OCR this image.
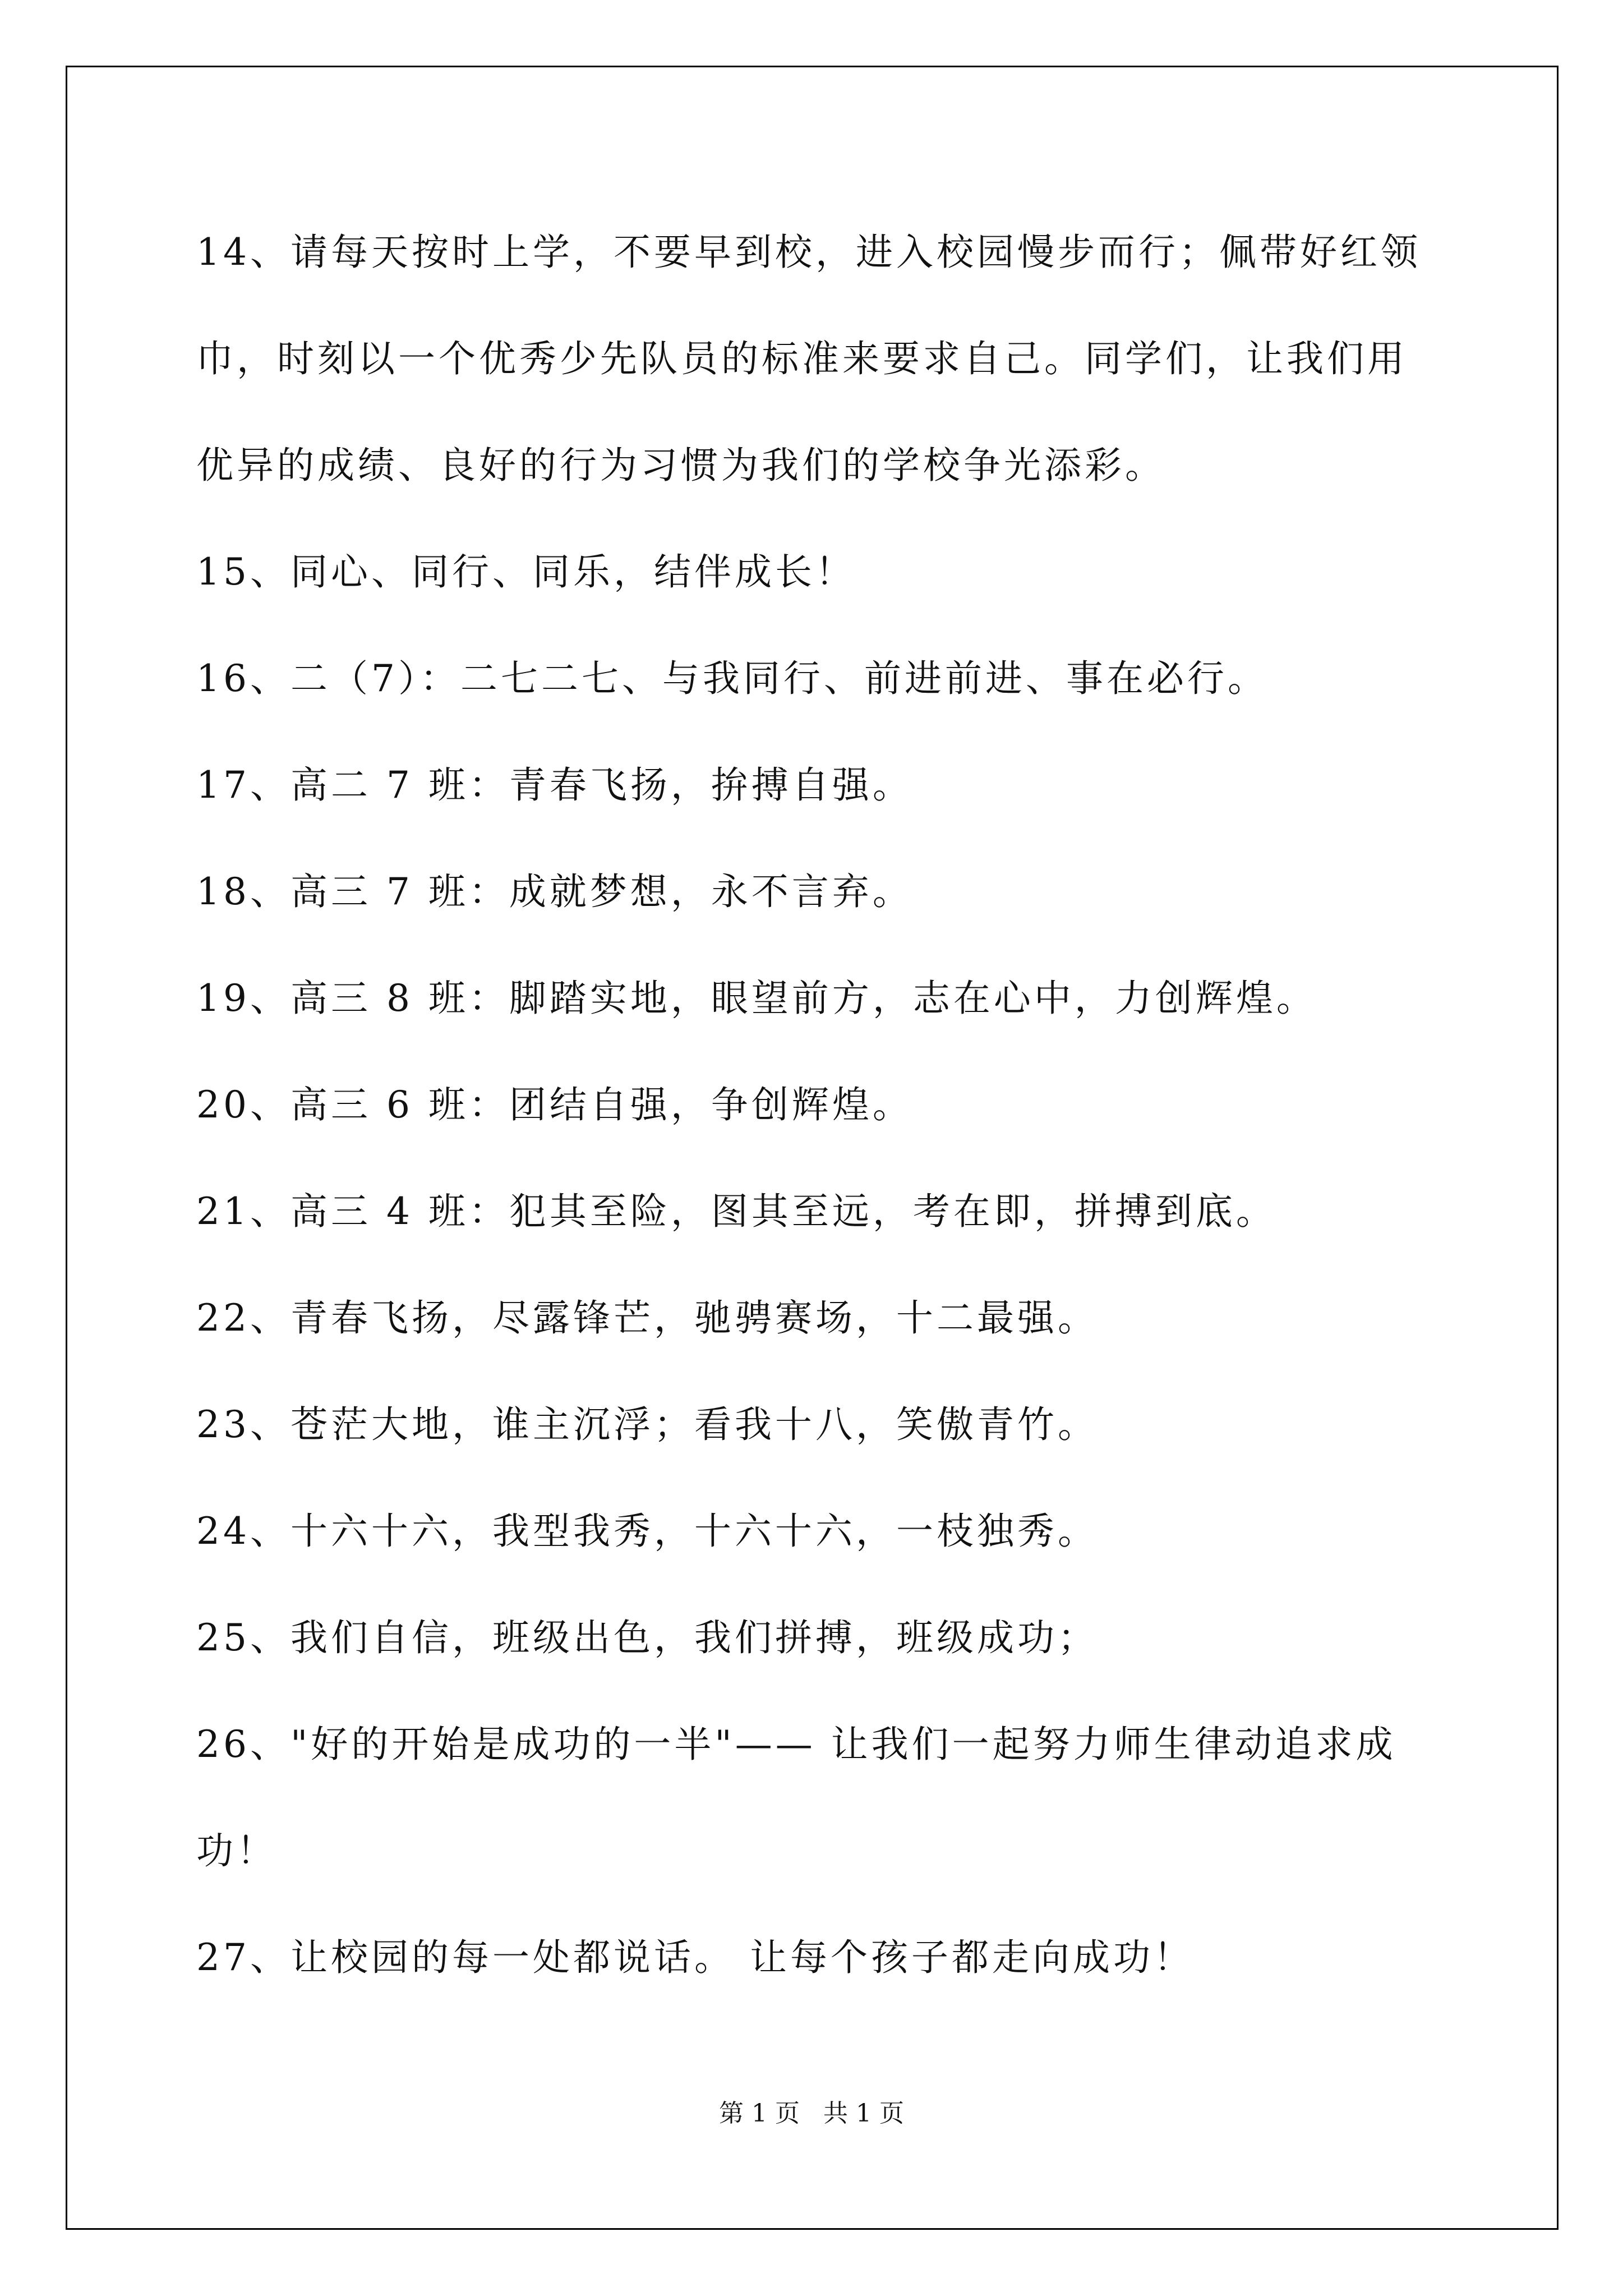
14、请每天按时上学，不要早到校，进入校园慢步而行；佩带好红领
巾，时刻以一个优秀少先队员的标准来要求自己。同学们，让我们用
优异的成绩、良好的行为习惯为我们的学校争光添彩。
15、同心、同行、同乐，结伴成长！
16、二（7）：二七二七、与我同行、前进前进、事在必行。
17、高二 7 班：青春飞扬，拚搏自强。
18、高三 7 班：成就梦想，永不言弃。
19、高三 8 班：脚踏实地，眼望前方，志在心中，力创辉煌。
20、高三 6 班：团结自强，争创辉煌。
21、高三 4 班：犯其至险，图其至远，考在即，拼搏到底。
22、青春飞扬，尽露锋芒，驰骋赛场，十二最强。
23、苍茫大地，谁主沉浮；看我十八，笑傲青竹。
24、十六十六，我型我秀，十六十六，一枝独秀。
25、我们自信，班级出色，我们拼搏，班级成功；
26、"好的开始是成功的一半"—— 让我们一起努力师生律动追求成
功！
27、让校园的每一处都说话。 让每个孩子都走向成功！
第 1 页   共 1 页
